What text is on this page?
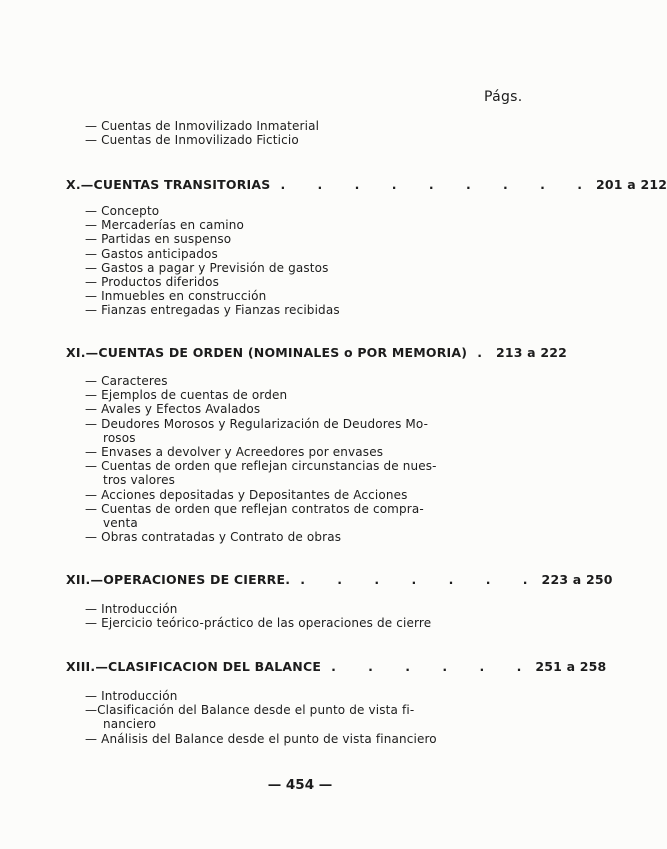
Págs.
— Cuentas de Inmovilizado Inmaterial
— Cuentas de Inmovilizado Ficticio
X.—CUENTAS TRANSITORIAS . . . . . . . . . 201 a 212
— Concepto
— Mercaderías en camino
— Partidas en suspenso
— Gastos anticipados
— Gastos a pagar y Previsión de gastos
— Productos diferidos
— Inmuebles en construcción
— Fianzas entregadas y Fianzas recibidas
XI.—CUENTAS DE ORDEN (NOMINALES o POR MEMORIA) . 213 a 222
— Caracteres
— Ejemplos de cuentas de orden
— Avales y Efectos Avalados
— Deudores Morosos y Regularización de Deudores Mo-
rosos
— Envases a devolver y Acreedores por envases
— Cuentas de orden que reflejan circunstancias de nues-
tros valores
— Acciones depositadas y Depositantes de Acciones
— Cuentas de orden que reflejan contratos de compra-
venta
— Obras contratadas y Contrato de obras
XII.—OPERACIONES DE CIERRE. . . . . . . . 223 a 250
— Introducción
— Ejercicio teórico-práctico de las operaciones de cierre
XIII.—CLASIFICACION DEL BALANCE . . . . . . 251 a 258
— Introducción
—Clasificación del Balance desde el punto de vista fi-
nanciero
— Análisis del Balance desde el punto de vista financiero
— 454 —
